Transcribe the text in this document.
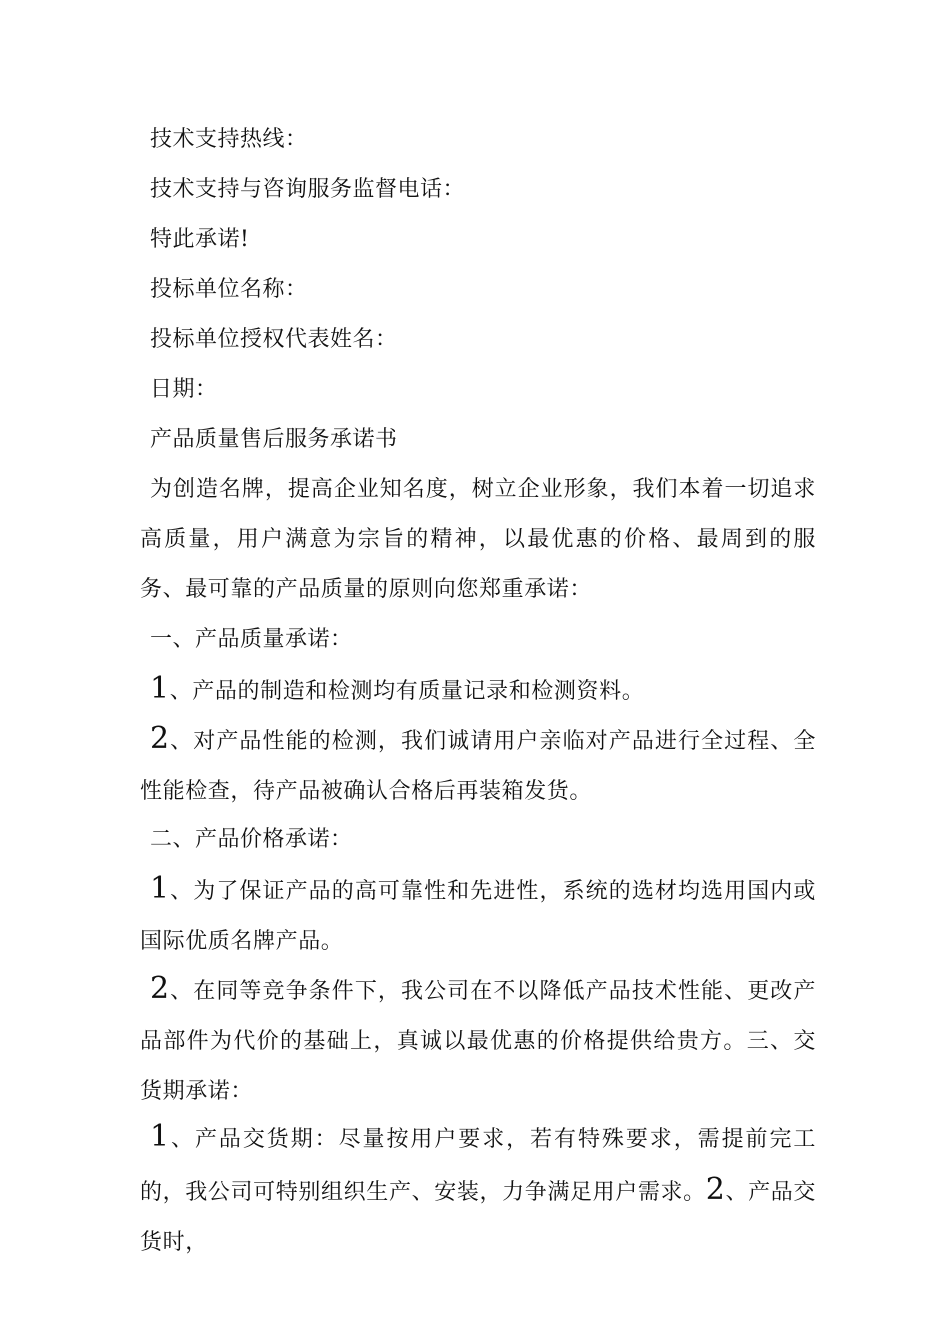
技术支持热线：
技术支持与咨询服务监督电话：
特此承诺!
投标单位名称：
投标单位授权代表姓名：
日期：
产品质量售后服务承诺书
为创造名牌，提高企业知名度，树立企业形象，我们本着一切追求高质量，用户满意为宗旨的精神，以最优惠的价格、最周到的服务、最可靠的产品质量的原则向您郑重承诺：
一、产品质量承诺：
1、产品的制造和检测均有质量记录和检测资料。
2、对产品性能的检测，我们诚请用户亲临对产品进行全过程、全性能检查，待产品被确认合格后再装箱发货。
二、产品价格承诺：
1、为了保证产品的高可靠性和先进性，系统的选材均选用国内或国际优质名牌产品。
2、在同等竞争条件下，我公司在不以降低产品技术性能、更改产品部件为代价的基础上，真诚以最优惠的价格提供给贵方。三、交货期承诺：
1、产品交货期：尽量按用户要求，若有特殊要求，需提前完工的，我公司可特别组织生产、安装，力争满足用户需求。2、产品交货时，
